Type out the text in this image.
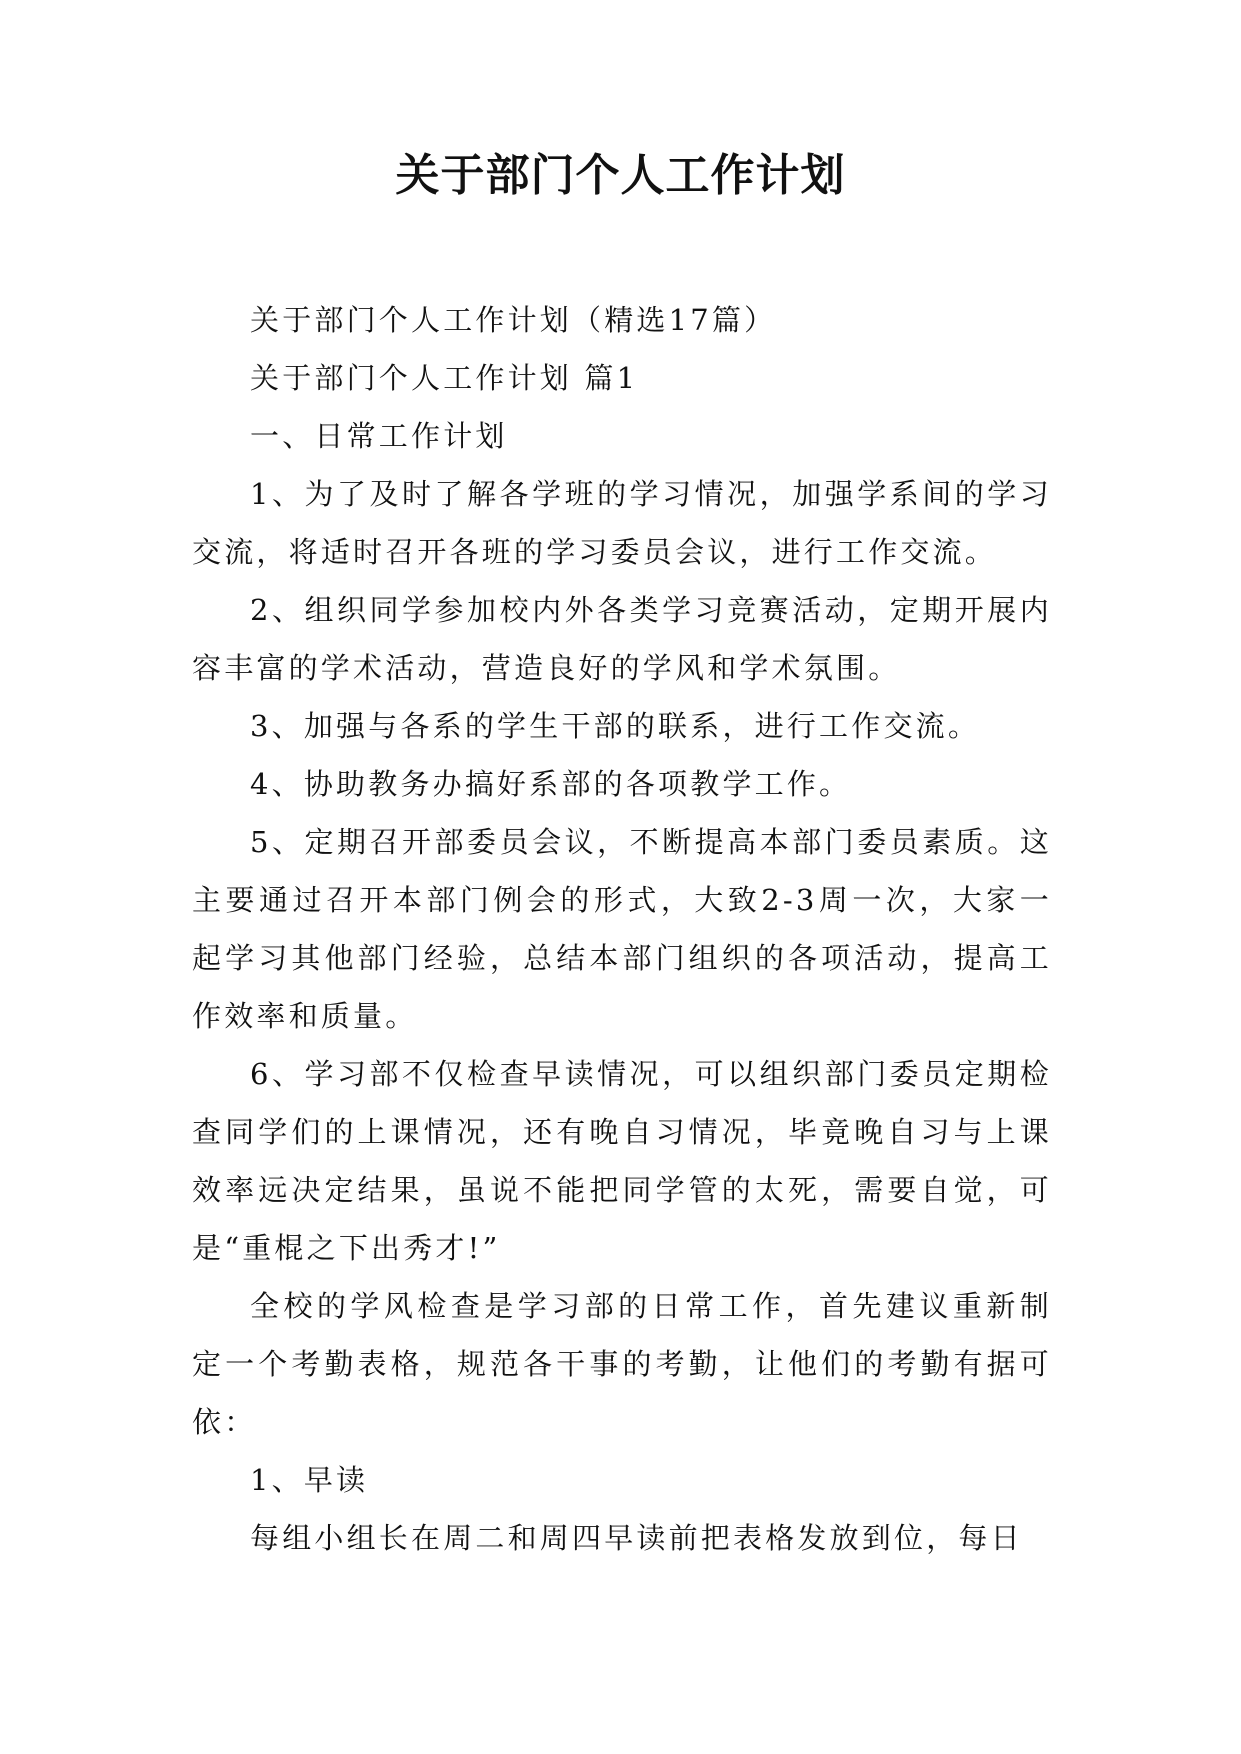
关于部门个人工作计划

关于部门个人工作计划（精选17篇）

关于部门个人工作计划 篇1

一、日常工作计划

1、为了及时了解各学班的学习情况，加强学系间的学习交流，将适时召开各班的学习委员会议，进行工作交流。

2、组织同学参加校内外各类学习竞赛活动，定期开展内容丰富的学术活动，营造良好的学风和学术氛围。

3、加强与各系的学生干部的联系，进行工作交流。

4、协助教务办搞好系部的各项教学工作。

5、定期召开部委员会议，不断提高本部门委员素质。这主要通过召开本部门例会的形式，大致2-3周一次，大家一起学习其他部门经验，总结本部门组织的各项活动，提高工作效率和质量。

6、学习部不仅检查早读情况，可以组织部门委员定期检查同学们的上课情况，还有晚自习情况，毕竟晚自习与上课效率远决定结果，虽说不能把同学管的太死，需要自觉，可是“重棍之下出秀才!”

全校的学风检查是学习部的日常工作，首先建议重新制定一个考勤表格，规范各干事的考勤，让他们的考勤有据可依：

1、早读

每组小组长在周二和周四早读前把表格发放到位，每日
